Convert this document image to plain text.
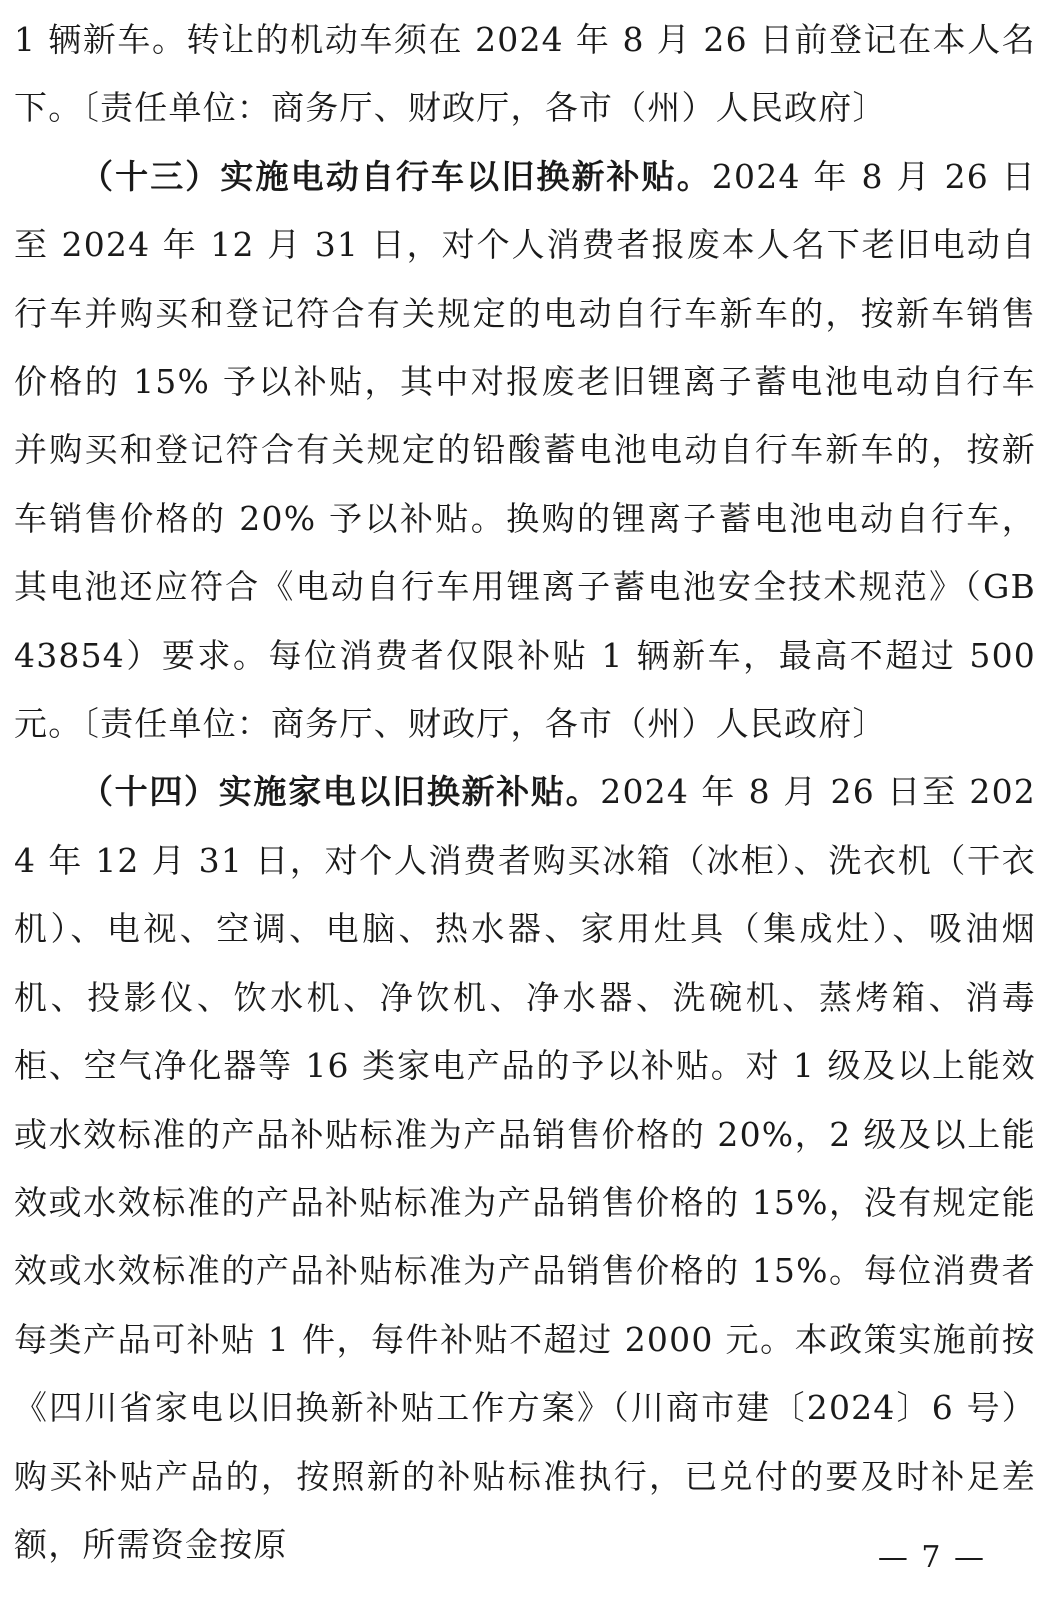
1 辆新车。转让的机动车须在 2024 年 8 月 26 日前登记在本人名下。〔责任单位：商务厅、财政厅，各市（州）人民政府〕

（十三）实施电动自行车以旧换新补贴。2024 年 8 月 26 日至 2024 年 12 月 31 日，对个人消费者报废本人名下老旧电动自行车并购买和登记符合有关规定的电动自行车新车的，按新车销售价格的 15% 予以补贴，其中对报废老旧锂离子蓄电池电动自行车并购买和登记符合有关规定的铅酸蓄电池电动自行车新车的，按新车销售价格的 20% 予以补贴。换购的锂离子蓄电池电动自行车，其电池还应符合《电动自行车用锂离子蓄电池安全技术规范》（GB 43854）要求。每位消费者仅限补贴 1 辆新车，最高不超过 500 元。〔责任单位：商务厅、财政厅，各市（州）人民政府〕

（十四）实施家电以旧换新补贴。2024 年 8 月 26 日至 2024 年 12 月 31 日，对个人消费者购买冰箱（冰柜）、洗衣机（干衣机）、电视、空调、电脑、热水器、家用灶具（集成灶）、吸油烟机、投影仪、饮水机、净饮机、净水器、洗碗机、蒸烤箱、消毒柜、空气净化器等 16 类家电产品的予以补贴。对 1 级及以上能效或水效标准的产品补贴标准为产品销售价格的 20%，2 级及以上能效或水效标准的产品补贴标准为产品销售价格的 15%，没有规定能效或水效标准的产品补贴标准为产品销售价格的 15%。每位消费者每类产品可补贴 1 件，每件补贴不超过 2000 元。本政策实施前按《四川省家电以旧换新补贴工作方案》（川商市建〔2024〕6 号）购买补贴产品的，按照新的补贴标准执行，已兑付的要及时补足差额，所需资金按原	— 7 —
